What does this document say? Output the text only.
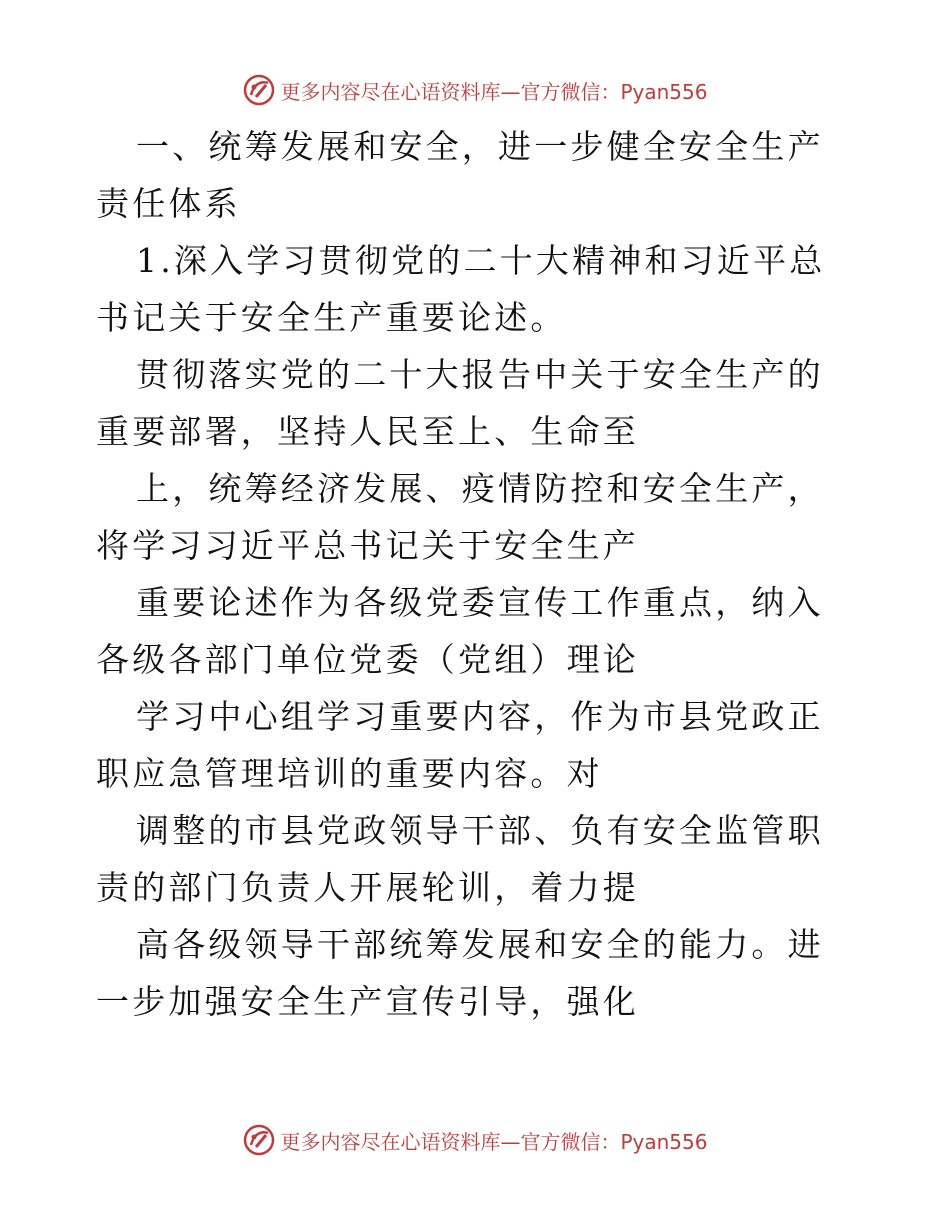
更多内容尽在心语资料库—官方微信：Pyan556

一、统筹发展和安全，进一步健全安全生产责任体系

1.深入学习贯彻党的二十大精神和习近平总书记关于安全生产重要论述。

贯彻落实党的二十大报告中关于安全生产的重要部署，坚持人民至上、生命至

上，统筹经济发展、疫情防控和安全生产，将学习习近平总书记关于安全生产

重要论述作为各级党委宣传工作重点，纳入各级各部门单位党委（党组）理论

学习中心组学习重要内容，作为市县党政正职应急管理培训的重要内容。对

调整的市县党政领导干部、负有安全监管职责的部门负责人开展轮训，着力提

高各级领导干部统筹发展和安全的能力。进一步加强安全生产宣传引导，强化

更多内容尽在心语资料库—官方微信：Pyan556
